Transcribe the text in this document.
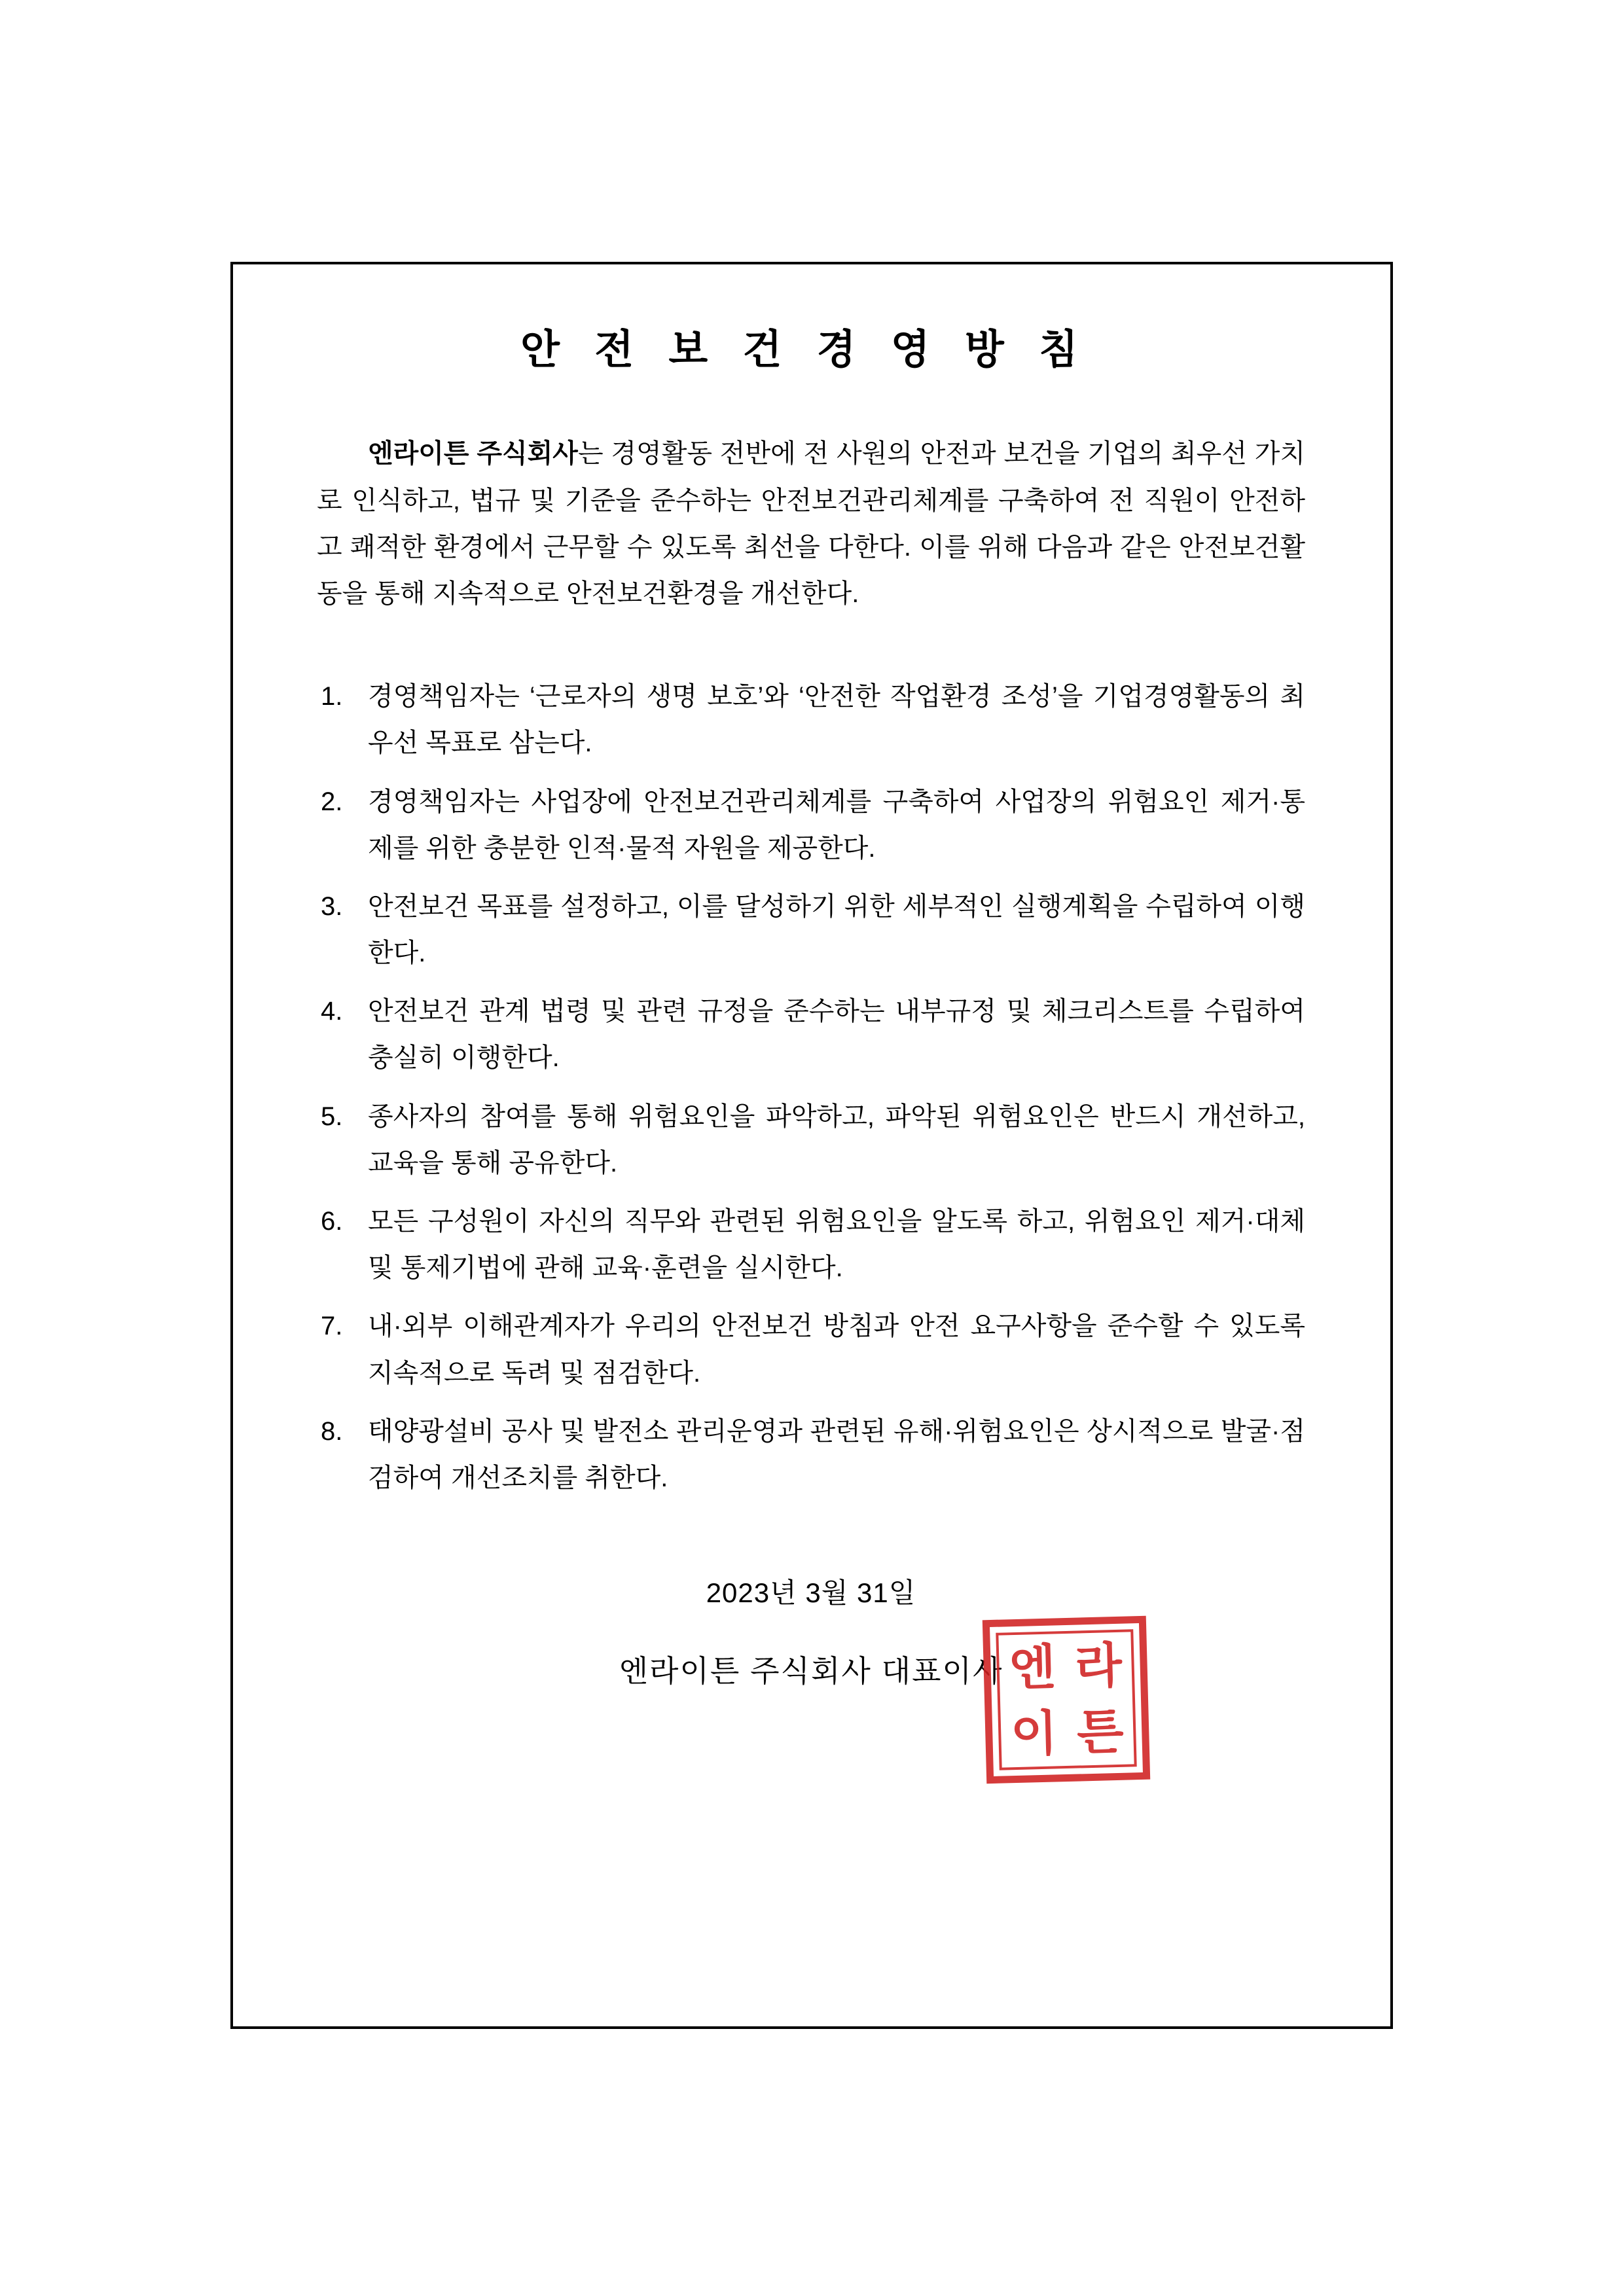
안 전 보 건 경 영 방 침

엔라이튼 주식회사는 경영활동 전반에 전 사원의 안전과 보건을 기업의 최우선 가치로 인식하고, 법규 및 기준을 준수하는 안전보건관리체계를 구축하여 전 직원이 안전하고 쾌적한 환경에서 근무할 수 있도록 최선을 다한다. 이를 위해 다음과 같은 안전보건활동을 통해 지속적으로 안전보건환경을 개선한다.

1. 경영책임자는 ‘근로자의 생명 보호’와 ‘안전한 작업환경 조성’을 기업경영활동의 최우선 목표로 삼는다.
2. 경영책임자는 사업장에 안전보건관리체계를 구축하여 사업장의 위험요인 제거·통제를 위한 충분한 인적·물적 자원을 제공한다.
3. 안전보건 목표를 설정하고, 이를 달성하기 위한 세부적인 실행계획을 수립하여 이행한다.
4. 안전보건 관계 법령 및 관련 규정을 준수하는 내부규정 및 체크리스트를 수립하여 충실히 이행한다.
5. 종사자의 참여를 통해 위험요인을 파악하고, 파악된 위험요인은 반드시 개선하고, 교육을 통해 공유한다.
6. 모든 구성원이 자신의 직무와 관련된 위험요인을 알도록 하고, 위험요인 제거·대체 및 통제기법에 관해 교육·훈련을 실시한다.
7. 내·외부 이해관계자가 우리의 안전보건 방침과 안전 요구사항을 준수할 수 있도록 지속적으로 독려 및 점검한다.
8. 태양광설비 공사 및 발전소 관리운영과 관련된 유해·위험요인은 상시적으로 발굴·점검하여 개선조치를 취한다.
2023년 3월 31일
엔라이튼 주식회사 대표이사 엔 라
이 튼
